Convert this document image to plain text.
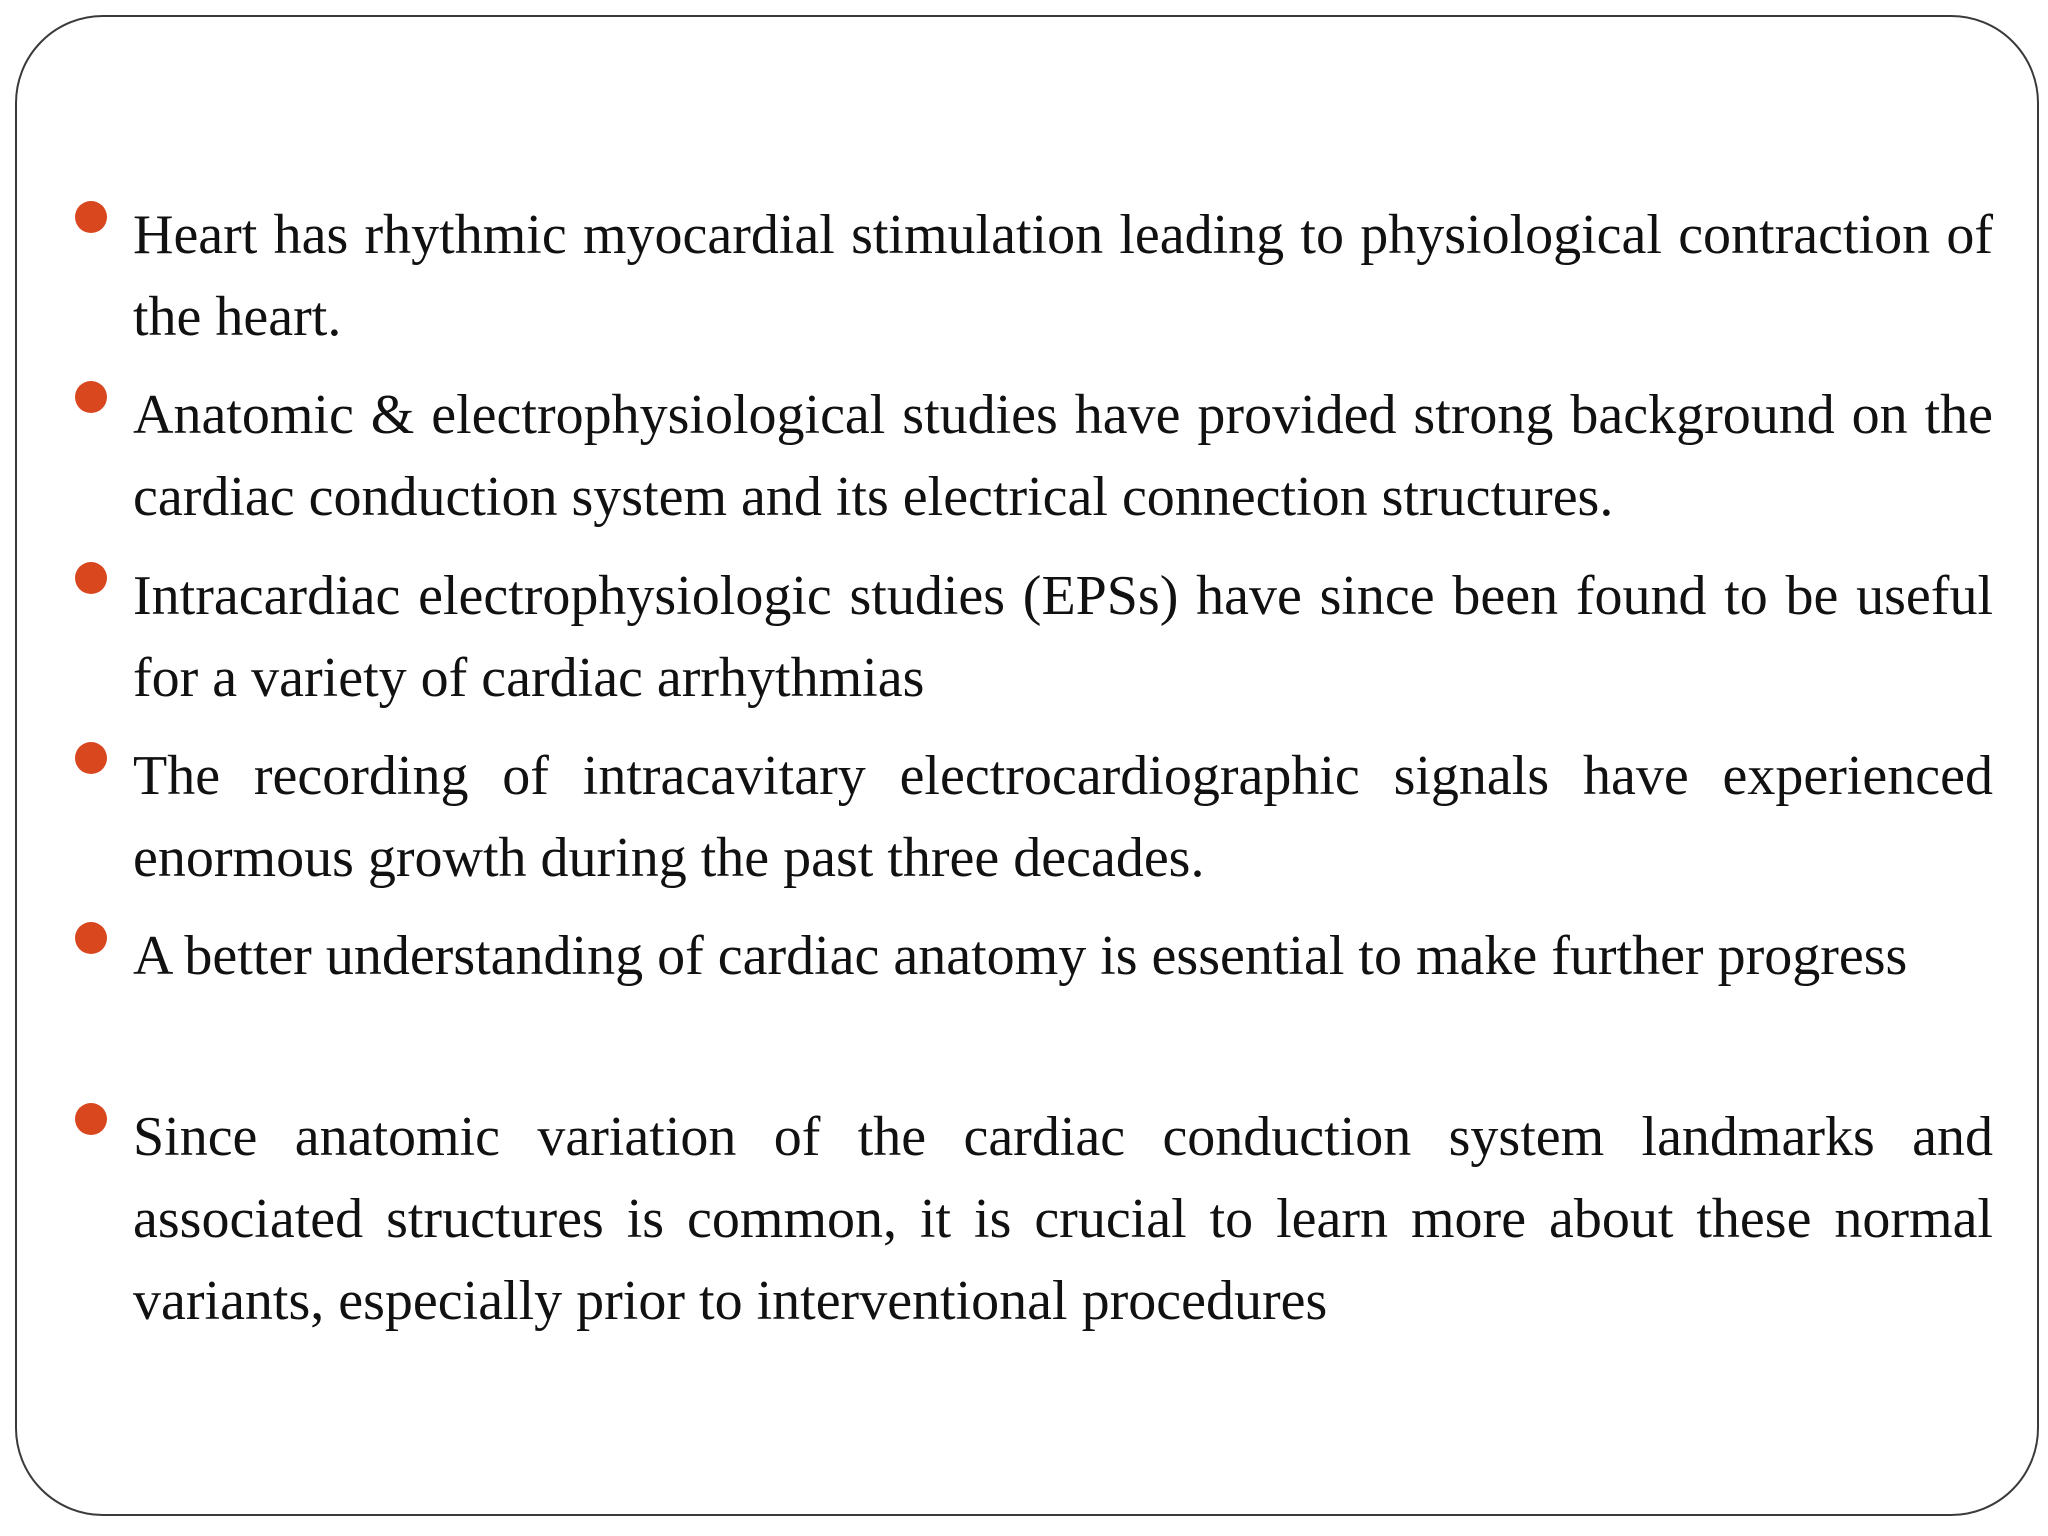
Heart has rhythmic myocardial stimulation leading to physiological contraction of the heart.

Anatomic & electrophysiological studies have provided strong background on the cardiac conduction system and its electrical connection structures.

Intracardiac electrophysiologic studies (EPSs) have since been found to be useful for a variety of cardiac arrhythmias

The recording of intracavitary electrocardiographic signals have experienced enormous growth during the past three decades.

A better understanding of cardiac anatomy is essential to make further progress

Since anatomic variation of the cardiac conduction system landmarks and associated structures is common, it is crucial to learn more about these normal variants, especially prior to interventional procedures
